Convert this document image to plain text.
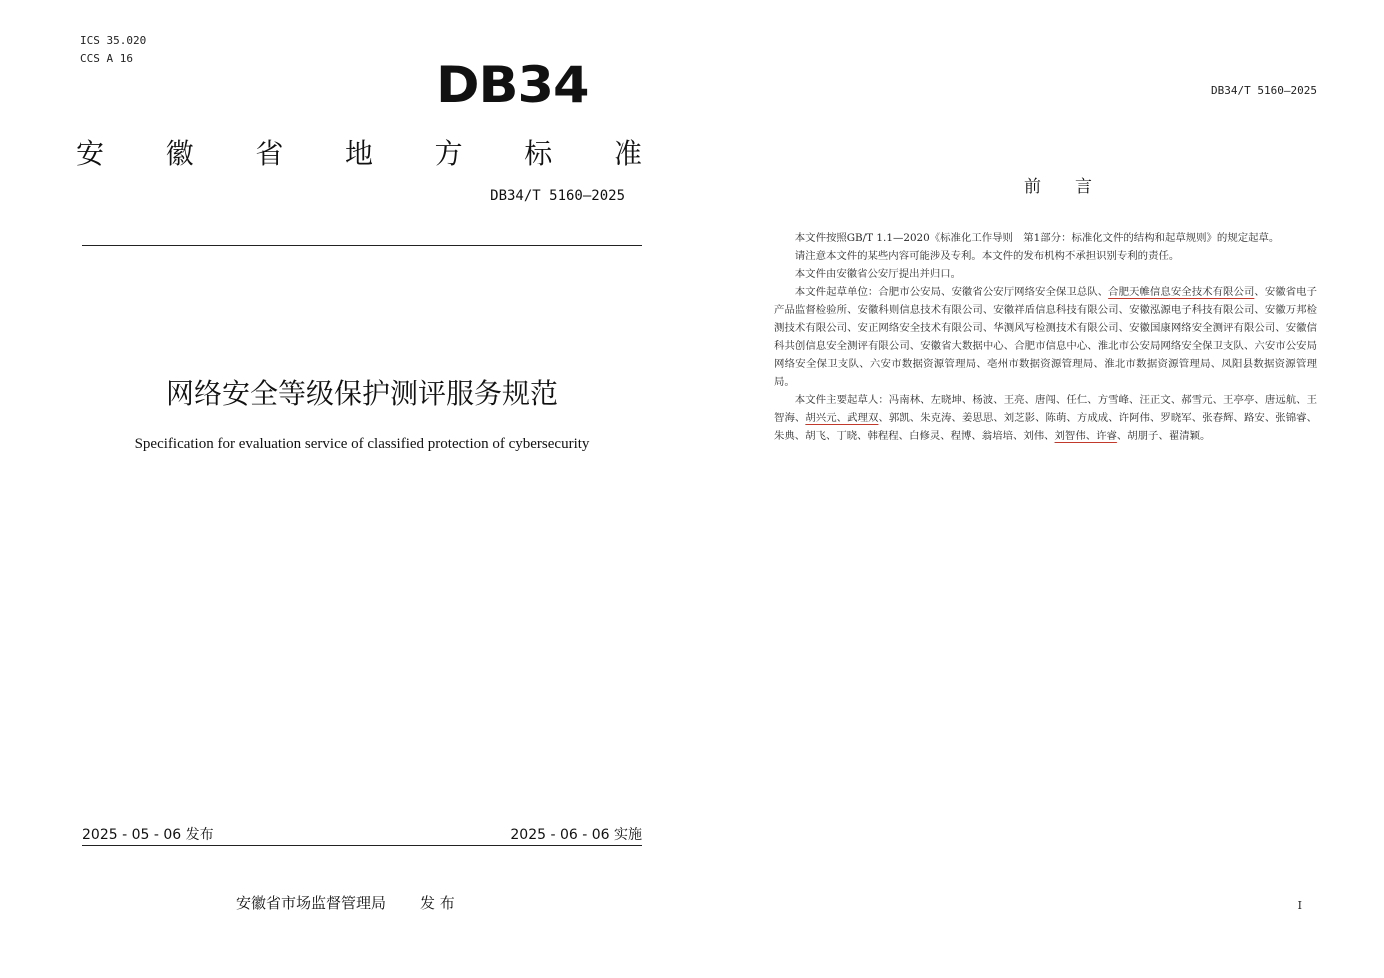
ICS 35.020
CCS A 16	DB34
安 徽 省 地 方 标 准
DB34/T 5160—2025
网络安全等级保护测评服务规范
Specification for evaluation service of classified protection of cybersecurity
2025 - 05 - 06 发布	2025 - 06 - 06 实施
安徽省市场监督管理局 发 布
DB34/T 5160—2025
前　　言

本文件按照GB/T 1.1—2020《标准化工作导则　第1部分：标准化文件的结构和起草规则》的规定起草。

请注意本文件的某些内容可能涉及专利。本文件的发布机构不承担识别专利的责任。

本文件由安徽省公安厅提出并归口。

本文件起草单位：合肥市公安局、安徽省公安厅网络安全保卫总队、合肥天帷信息安全技术有限公司、安徽省电子产品监督检验所、安徽科则信息技术有限公司、安徽祥盾信息科技有限公司、安徽泓源电子科技有限公司、安徽万邦检测技术有限公司、安正网络安全技术有限公司、华测风写检测技术有限公司、安徽国康网络安全测评有限公司、安徽信科共创信息安全测评有限公司、安徽省大数据中心、合肥市信息中心、淮北市公安局网络安全保卫支队、六安市公安局网络安全保卫支队、六安市数据资源管理局、亳州市数据资源管理局、淮北市数据资源管理局、凤阳县数据资源管理局。

本文件主要起草人：冯南林、左晓坤、杨波、王亮、唐闯、任仁、方雪峰、汪正文、郝雪元、王亭亭、唐远航、王智海、胡兴元、武理双、郭凯、朱克涛、姜思思、刘芝影、陈萌、方成成、许阿伟、罗晓军、张春辉、路安、张锦睿、朱典、胡飞、丁晓、韩程程、白修灵、程博、翁培培、刘伟、刘智伟、许睿、胡朋子、翟清颖。

I
